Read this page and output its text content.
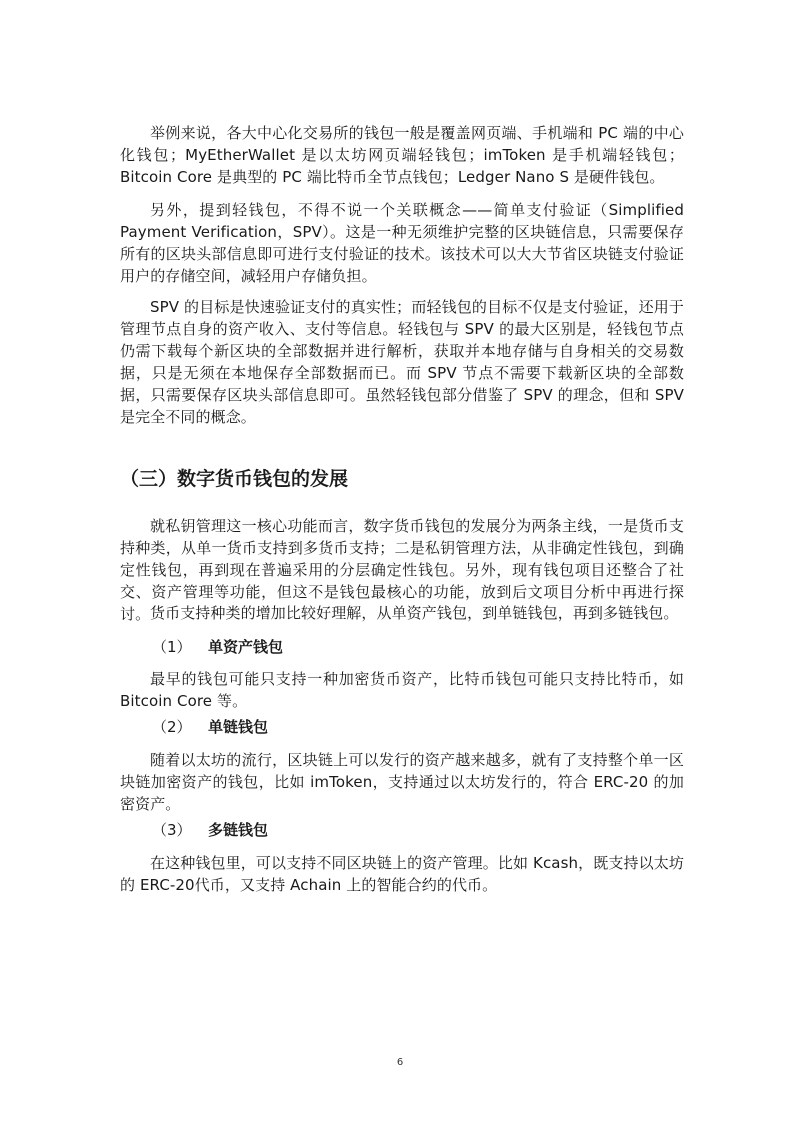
举例来说，各大中心化交易所的钱包一般是覆盖网页端、手机端和 PC 端的中心化钱包；MyEtherWallet 是以太坊网页端轻钱包；imToken 是手机端轻钱包；Bitcoin Core 是典型的 PC 端比特币全节点钱包；Ledger Nano S 是硬件钱包。

另外，提到轻钱包，不得不说一个关联概念——简单支付验证（Simplified Payment Verification，SPV）。这是一种无须维护完整的区块链信息，只需要保存所有的区块头部信息即可进行支付验证的技术。该技术可以大大节省区块链支付验证用户的存储空间，减轻用户存储负担。

SPV 的目标是快速验证支付的真实性；而轻钱包的目标不仅是支付验证，还用于管理节点自身的资产收入、支付等信息。轻钱包与 SPV 的最大区别是，轻钱包节点仍需下载每个新区块的全部数据并进行解析，获取并本地存储与自身相关的交易数据，只是无须在本地保存全部数据而已。而 SPV 节点不需要下载新区块的全部数据，只需要保存区块头部信息即可。虽然轻钱包部分借鉴了 SPV 的理念，但和 SPV 是完全不同的概念。

（三）数字货币钱包的发展

就私钥管理这一核心功能而言，数字货币钱包的发展分为两条主线，一是货币支持种类，从单一货币支持到多货币支持；二是私钥管理方法，从非确定性钱包，到确定性钱包，再到现在普遍采用的分层确定性钱包。另外，现有钱包项目还整合了社交、资产管理等功能，但这不是钱包最核心的功能，放到后文项目分析中再进行探讨。 货币支持种类的增加比较好理解，从单资产钱包，到单链钱包，再到多链钱包。

（1） 单资产钱包

最早的钱包可能只支持一种加密货币资产，比特币钱包可能只支持比特币，如 Bitcoin Core 等。

（2） 单链钱包

随着以太坊的流行，区块链上可以发行的资产越来越多，就有了支持整个单一区块链加密资产的钱包，比如 imToken，支持通过以太坊发行的，符合 ERC-20 的加密资产。

（3） 多链钱包

在这种钱包里，可以支持不同区块链上的资产管理。比如 Kcash，既支持以太坊的 ERC-20代币，又支持 Achain 上的智能合约的代币。

6
